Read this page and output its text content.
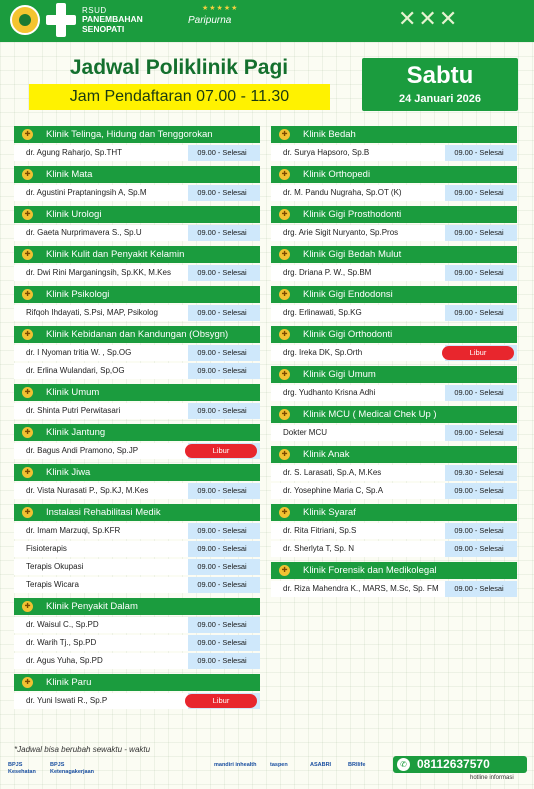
RSUD
PANEMBAHAN SENOPATI
★★★★★
Paripurna	✕✕✕
Jadwal Poliklinik Pagi
Jam Pendaftaran 07.00 - 11.30
Sabtu
24 Januari 2026
✚ Klinik Telinga, Hidung dan Tenggorokan
dr. Agung Raharjo, Sp.THT	09.00 - Selesai
✚ Klinik Mata
dr. Agustini Praptaningsih A, Sp.M	09.00 - Selesai
✚ Klinik Urologi
dr. Gaeta Nurprimavera S., Sp.U	09.00 - Selesai
✚ Klinik Kulit dan Penyakit Kelamin
dr. Dwi Rini Marganingsih, Sp.KK, M.Kes	09.00 - Selesai
✚ Klinik Psikologi
Rifqoh Ihdayati, S.Psi, MAP, Psikolog	09.00 - Selesai
✚ Klinik Kebidanan dan Kandungan (Obsygn)
dr. I Nyoman tritia W. , Sp.OG	09.00 - Selesai
dr. Erlina Wulandari, Sp,OG	09.00 - Selesai
✚ Klinik Umum
dr. Shinta Putri Perwitasari	09.00 - Selesai
✚ Klinik Jantung
dr. Bagus Andi Pramono, Sp.JP	Libur
✚ Klinik Jiwa
dr. Vista Nurasati P., Sp.KJ, M.Kes	09.00 - Selesai
✚ Instalasi Rehabilitasi Medik
dr. Imam Marzuqi, Sp.KFR	09.00 - Selesai
Fisioterapis	09.00 - Selesai
Terapis Okupasi	09.00 - Selesai
Terapis Wicara	09.00 - Selesai
✚ Klinik Penyakit Dalam
dr. Waisul C., Sp.PD	09.00 - Selesai
dr. Warih Tj., Sp.PD	09.00 - Selesai
dr. Agus Yuha, Sp.PD	09.00 - Selesai
✚ Klinik Paru
dr. Yuni Iswati R., Sp.P	Libur
✚ Klinik Bedah
dr. Surya Hapsoro, Sp.B	09.00 - Selesai
✚ Klinik Orthopedi
dr. M. Pandu Nugraha, Sp.OT (K)	09.00 - Selesai
✚ Klinik Gigi Prosthodonti
drg. Arie Sigit Nuryanto, Sp.Pros	09.00 - Selesai
✚ Klinik Gigi Bedah Mulut
drg. Driana P. W., Sp.BM	09.00 - Selesai
✚ Klinik Gigi Endodonsi
drg. Erlinawati, Sp.KG	09.00 - Selesai
✚ Klinik Gigi Orthodonti
drg. Ireka DK, Sp.Orth	Libur
✚ Klinik Gigi Umum
drg. Yudhanto Krisna Adhi	09.00 - Selesai
✚ Klinik MCU ( Medical Chek Up )
Dokter MCU	09.00 - Selesai
✚ Klinik Anak
dr. S. Larasati, Sp.A, M.Kes	09.30 - Selesai
dr. Yosephine Maria C, Sp.A	09.00 - Selesai
✚ Klinik Syaraf
dr. Rita Fitriani, Sp.S	09.00 - Selesai
dr. Sherlyta T, Sp. N	09.00 - Selesai
✚ Klinik Forensik dan Medikolegal
dr. Riza Mahendra K., MARS, M.Sc, Sp. FM	09.00 - Selesai
*Jadwal bisa berubah sewaktu - waktu
BPJS Kesehatan
BPJS Ketenagakerjaan
mandiri inhealth	taspen	ASABRI	BRIlife	✆ 08112637570
hotline informasi
